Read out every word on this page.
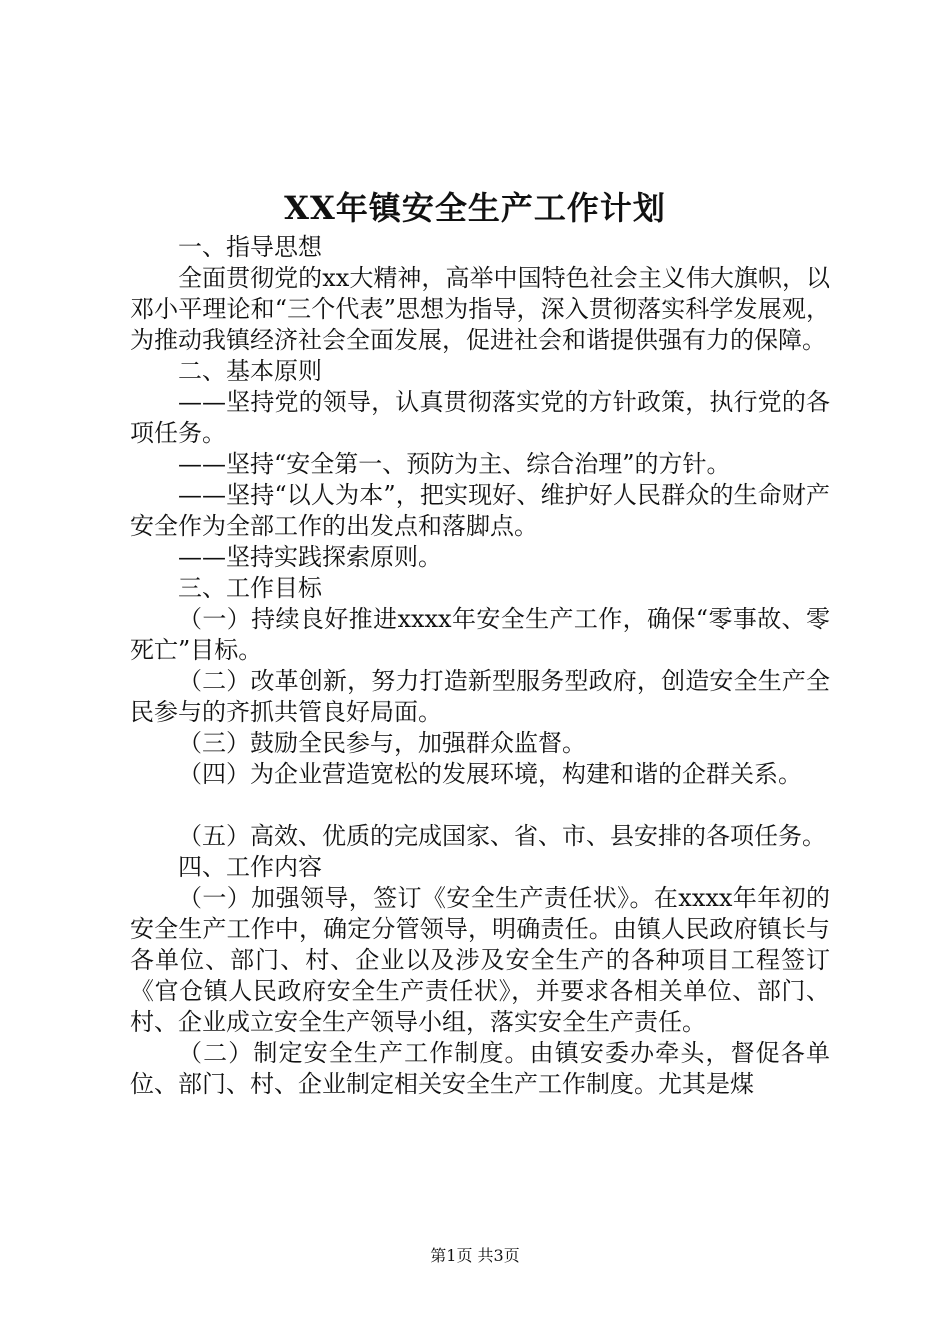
XX年镇安全生产工作计划

一、指导思想

全面贯彻党的xx大精神，高举中国特色社会主义伟大旗帜，以邓小平理论和“三个代表”思想为指导，深入贯彻落实科学发展观，为推动我镇经济社会全面发展，促进社会和谐提供强有力的保障。

二、基本原则

——坚持党的领导，认真贯彻落实党的方针政策，执行党的各项任务。

——坚持“安全第一、预防为主、综合治理”的方针。

——坚持“以人为本”，把实现好、维护好人民群众的生命财产安全作为全部工作的出发点和落脚点。

——坚持实践探索原则。

三、工作目标

（一）持续良好推进xxxx年安全生产工作，确保“零事故、零死亡”目标。

（二）改革创新，努力打造新型服务型政府，创造安全生产全民参与的齐抓共管良好局面。

（三）鼓励全民参与，加强群众监督。

（四）为企业营造宽松的发展环境，构建和谐的企群关系。

（五）高效、优质的完成国家、省、市、县安排的各项任务。

四、工作内容

（一）加强领导，签订《安全生产责任状》。在xxxx年年初的安全生产工作中，确定分管领导，明确责任。由镇人民政府镇长与各单位、部门、村、企业以及涉及安全生产的各种项目工程签订《官仓镇人民政府安全生产责任状》，并要求各相关单位、部门、村、企业成立安全生产领导小组，落实安全生产责任。

（二）制定安全生产工作制度。由镇安委办牵头，督促各单位、部门、村、企业制定相关安全生产工作制度。尤其是煤

第1页 共3页
